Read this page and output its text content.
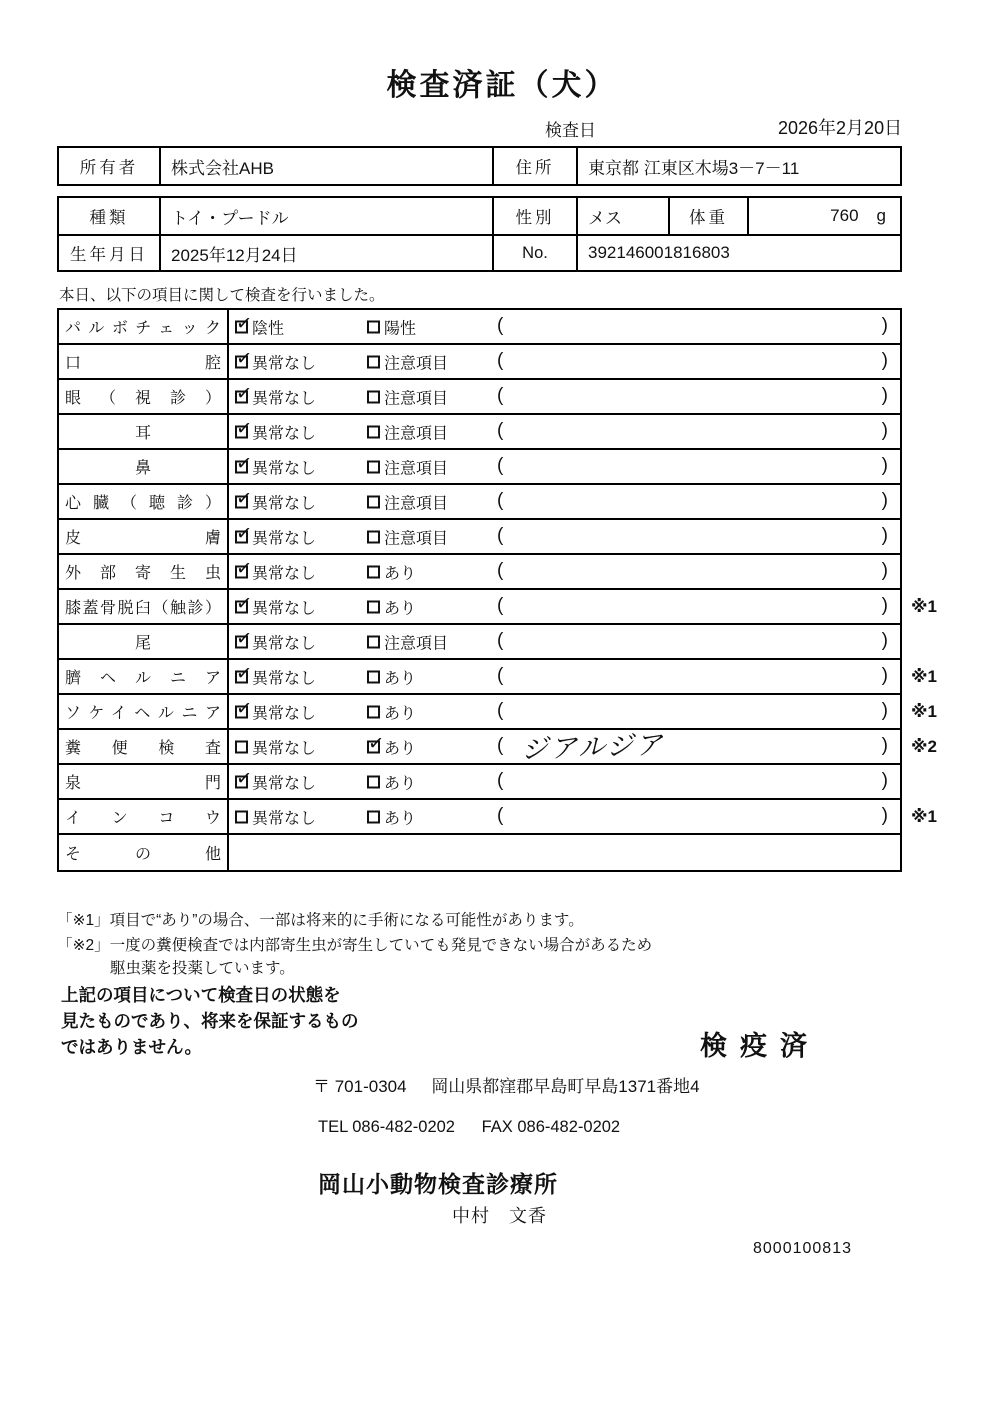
検査済証（犬）
検査日	2026年2月20日
所有者	株式会社AHB	住所	東京都 江東区木場3－7－11
種類	トイ・プードル	性別	メス	体重	760 g
生年月日	2025年12月24日	No.	392146001816803
本日、以下の項目に関して検査を行いました。
パルボチェック ✓ 陰性	陽性	(	)
口腔 ✓ 異常なし	注意項目	(	)
眼（視診） ✓ 異常なし	注意項目	(	)
耳 ✓	異常なし	注意項目	(	)
鼻 ✓	異常なし	注意項目	(	)
心臓（聴診） ✓ 異常なし	注意項目	(	)
皮膚 ✓ 異常なし	注意項目	(	)
外部寄生虫 ✓ 異常なし	あり	(	)
膝蓋骨脱臼（触診） ✓ 異常なし	あり	(	) ※1
尾 ✓	異常なし	注意項目	(	)
臍ヘルニア ✓ 異常なし	あり	(	) ※1
ソケイヘルニア ✓ 異常なし	あり	(	) ※1
糞便検査 異常なし ✓	あり	( ジアルジア	) ※2
泉門 ✓ 異常なし	あり	(	)
インコウ 異常なし	あり	(	) ※1
その他
「※1」項目で“あり”の場合、一部は将来的に手術になる可能性があります。
「※2」一度の糞便検査では内部寄生虫が寄生していても発見できない場合があるため
駆虫薬を投薬しています。
上記の項目について検査日の状態を
見たものであり、将来を保証するもの
ではありません。	検疫済
〒 701-0304 岡山県都窪郡早島町早島1371番地4
TEL 086-482-0202 FAX 086-482-0202
岡山小動物検査診療所
中村　文香
8000100813
